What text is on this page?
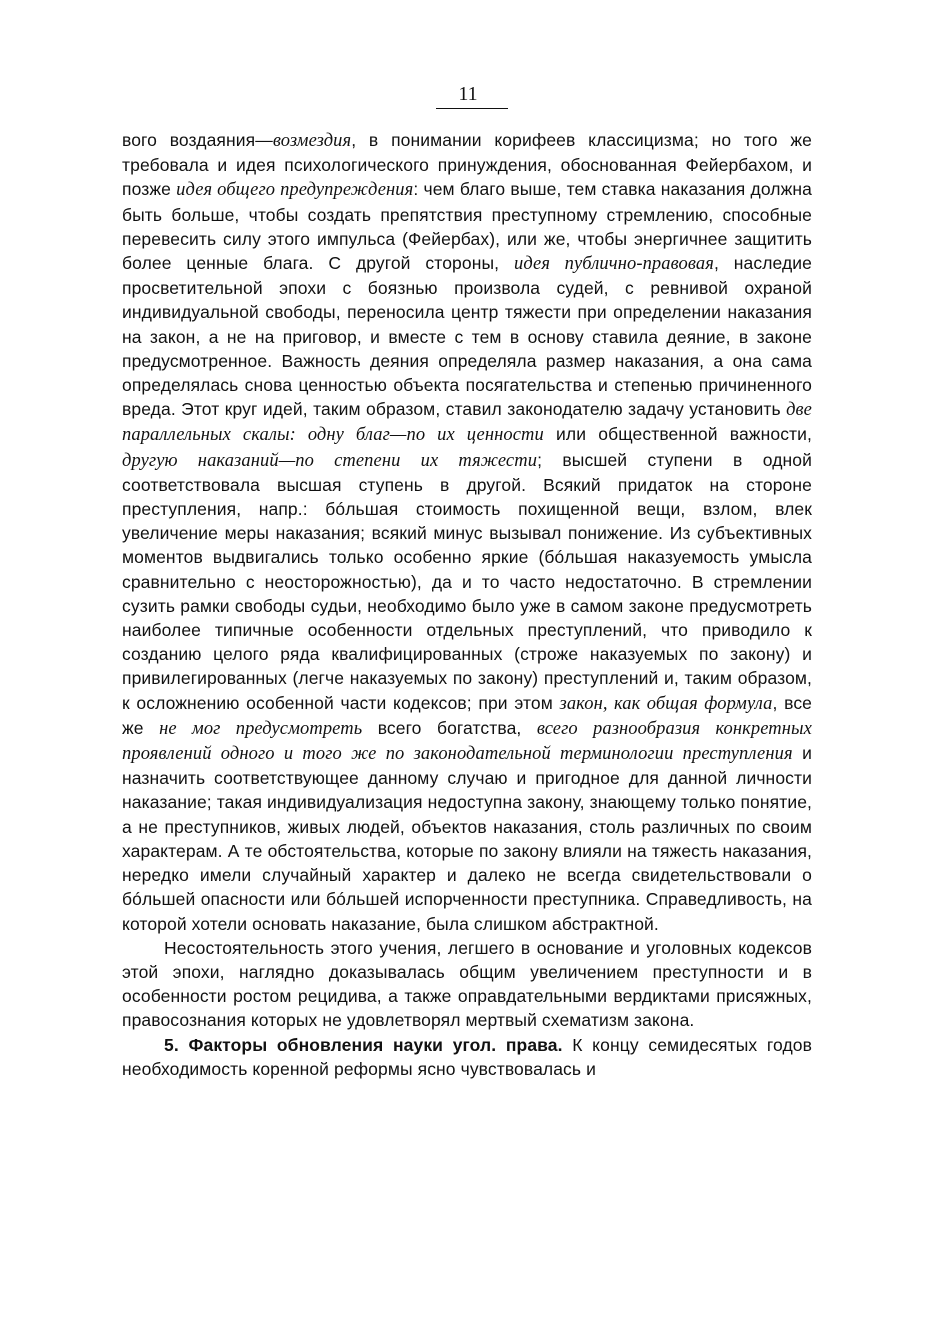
11

вого воздаяния—возмездия, в понимании корифеев классицизма; но того же требовала и идея психологического принуждения, обоснованная Фейербахом, и позже идея общего предупреждения: чем благо выше, тем ставка наказания должна быть больше, чтобы создать препятствия преступному стремлению, способные перевесить силу этого импульса (Фейербах), или же, чтобы энергичнее защитить более ценные блага. С другой стороны, идея публично-правовая, наследие просветительной эпохи с боязнью произвола судей, с ревнивой охраной индивидуальной свободы, переносила центр тяжести при определении наказания на закон, а не на приговор, и вместе с тем в основу ставила деяние, в законе предусмотренное. Важность деяния определяла размер наказания, а она сама определялась снова ценностью объекта посягательства и степенью причиненного вреда. Этот круг идей, таким образом, ставил законодателю задачу установить две параллельных скалы: одну благ—по их ценности или общественной важности, другую наказаний—по степени их тяжести; высшей ступени в одной соответствовала высшая ступень в другой. Всякий придаток на стороне преступления, напр.: бóльшая стоимость похищенной вещи, взлом, влек увеличение меры наказания; всякий минус вызывал понижение. Из субъективных моментов выдвигались только особенно яркие (бóльшая наказуемость умысла сравнительно с неосторожностью), да и то часто недостаточно. В стремлении сузить рамки свободы судьи, необходимо было уже в самом законе предусмотреть наиболее типичные особенности отдельных преступлений, что приводило к созданию целого ряда квалифицированных (строже наказуемых по закону) и привилегированных (легче наказуемых по закону) преступлений и, таким образом, к осложнению особенной части кодексов; при этом закон, как общая формула, все же не мог предусмотреть всего богатства, всего разнообразия конкретных проявлений одного и того же по законодательной терминологии преступления и назначить соответствующее данному случаю и пригодное для данной личности наказание; такая индивидуализация недоступна закону, знающему только понятие, а не преступников, живых людей, объектов наказания, столь различных по своим характерам. А те обстоятельства, которые по закону влияли на тяжесть наказания, нередко имели случайный характер и далеко не всегда свидетельствовали о бóльшей опасности или бóльшей испорченности преступника. Справедливость, на которой хотели основать наказание, была слишком абстрактной.

Несостоятельность этого учения, легшего в основание и уголовных кодексов этой эпохи, наглядно доказывалась общим увеличением преступности и в особенности ростом рецидива, а также оправдательными вердиктами присяжных, правосознания которых не удовлетворял мертвый схематизм закона.

5. Факторы обновления науки угол. права. К концу семидесятых годов необходимость коренной реформы ясно чувствовалась и
